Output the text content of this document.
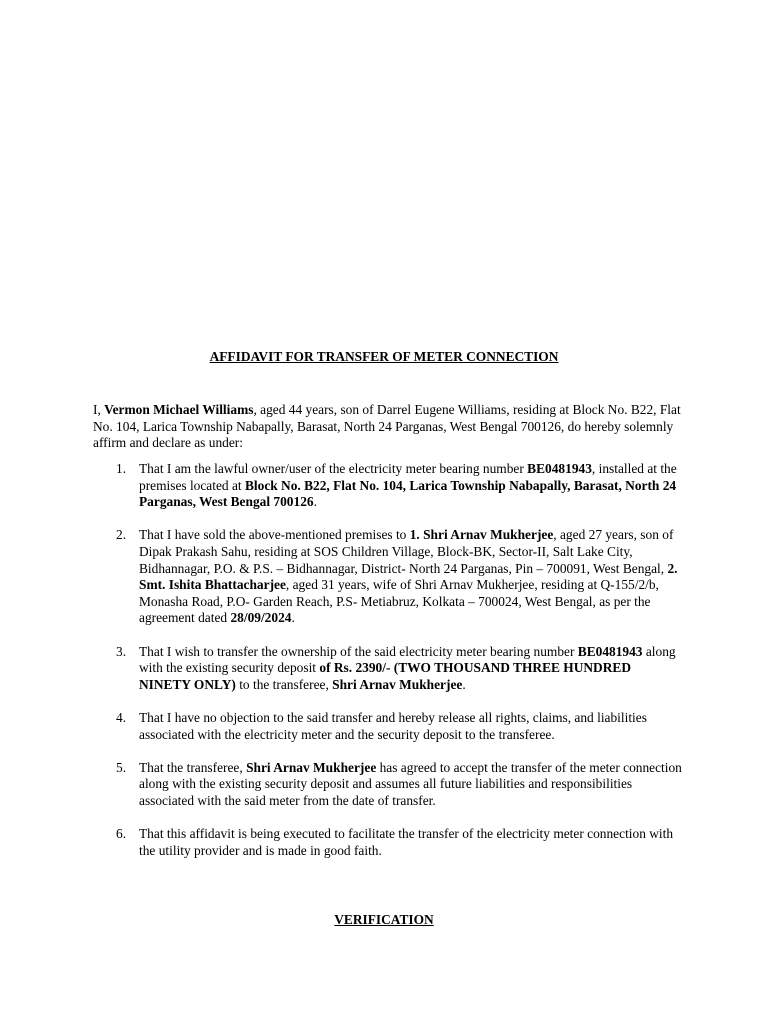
AFFIDAVIT FOR TRANSFER OF METER CONNECTION

I, Vermon Michael Williams, aged 44 years, son of Darrel Eugene Williams, residing at Block No. B22, Flat No. 104, Larica Township Nabapally, Barasat, North 24 Parganas, West Bengal 700126, do hereby solemnly affirm and declare as under:

1. That I am the lawful owner/user of the electricity meter bearing number BE0481943, installed at the premises located at Block No. B22, Flat No. 104, Larica Township Nabapally, Barasat, North 24 Parganas, West Bengal 700126.
2. That I have sold the above-mentioned premises to 1. Shri Arnav Mukherjee, aged 27 years, son of Dipak Prakash Sahu, residing at SOS Children Village, Block-BK, Sector-II, Salt Lake City, Bidhannagar, P.O. & P.S. – Bidhannagar, District- North 24 Parganas, Pin – 700091, West Bengal, 2. Smt. Ishita Bhattacharjee, aged 31 years, wife of Shri Arnav Mukherjee, residing at Q-155/2/b, Monasha Road, P.O- Garden Reach, P.S- Metiabruz, Kolkata – 700024, West Bengal, as per the agreement dated 28/09/2024.
3. That I wish to transfer the ownership of the said electricity meter bearing number BE0481943 along with the existing security deposit of Rs. 2390/- (TWO THOUSAND THREE HUNDRED NINETY ONLY) to the transferee, Shri Arnav Mukherjee.
4. That I have no objection to the said transfer and hereby release all rights, claims, and liabilities associated with the electricity meter and the security deposit to the transferee.
5. That the transferee, Shri Arnav Mukherjee has agreed to accept the transfer of the meter connection along with the existing security deposit and assumes all future liabilities and responsibilities associated with the said meter from the date of transfer.
6. That this affidavit is being executed to facilitate the transfer of the electricity meter connection with the utility provider and is made in good faith.
VERIFICATION
